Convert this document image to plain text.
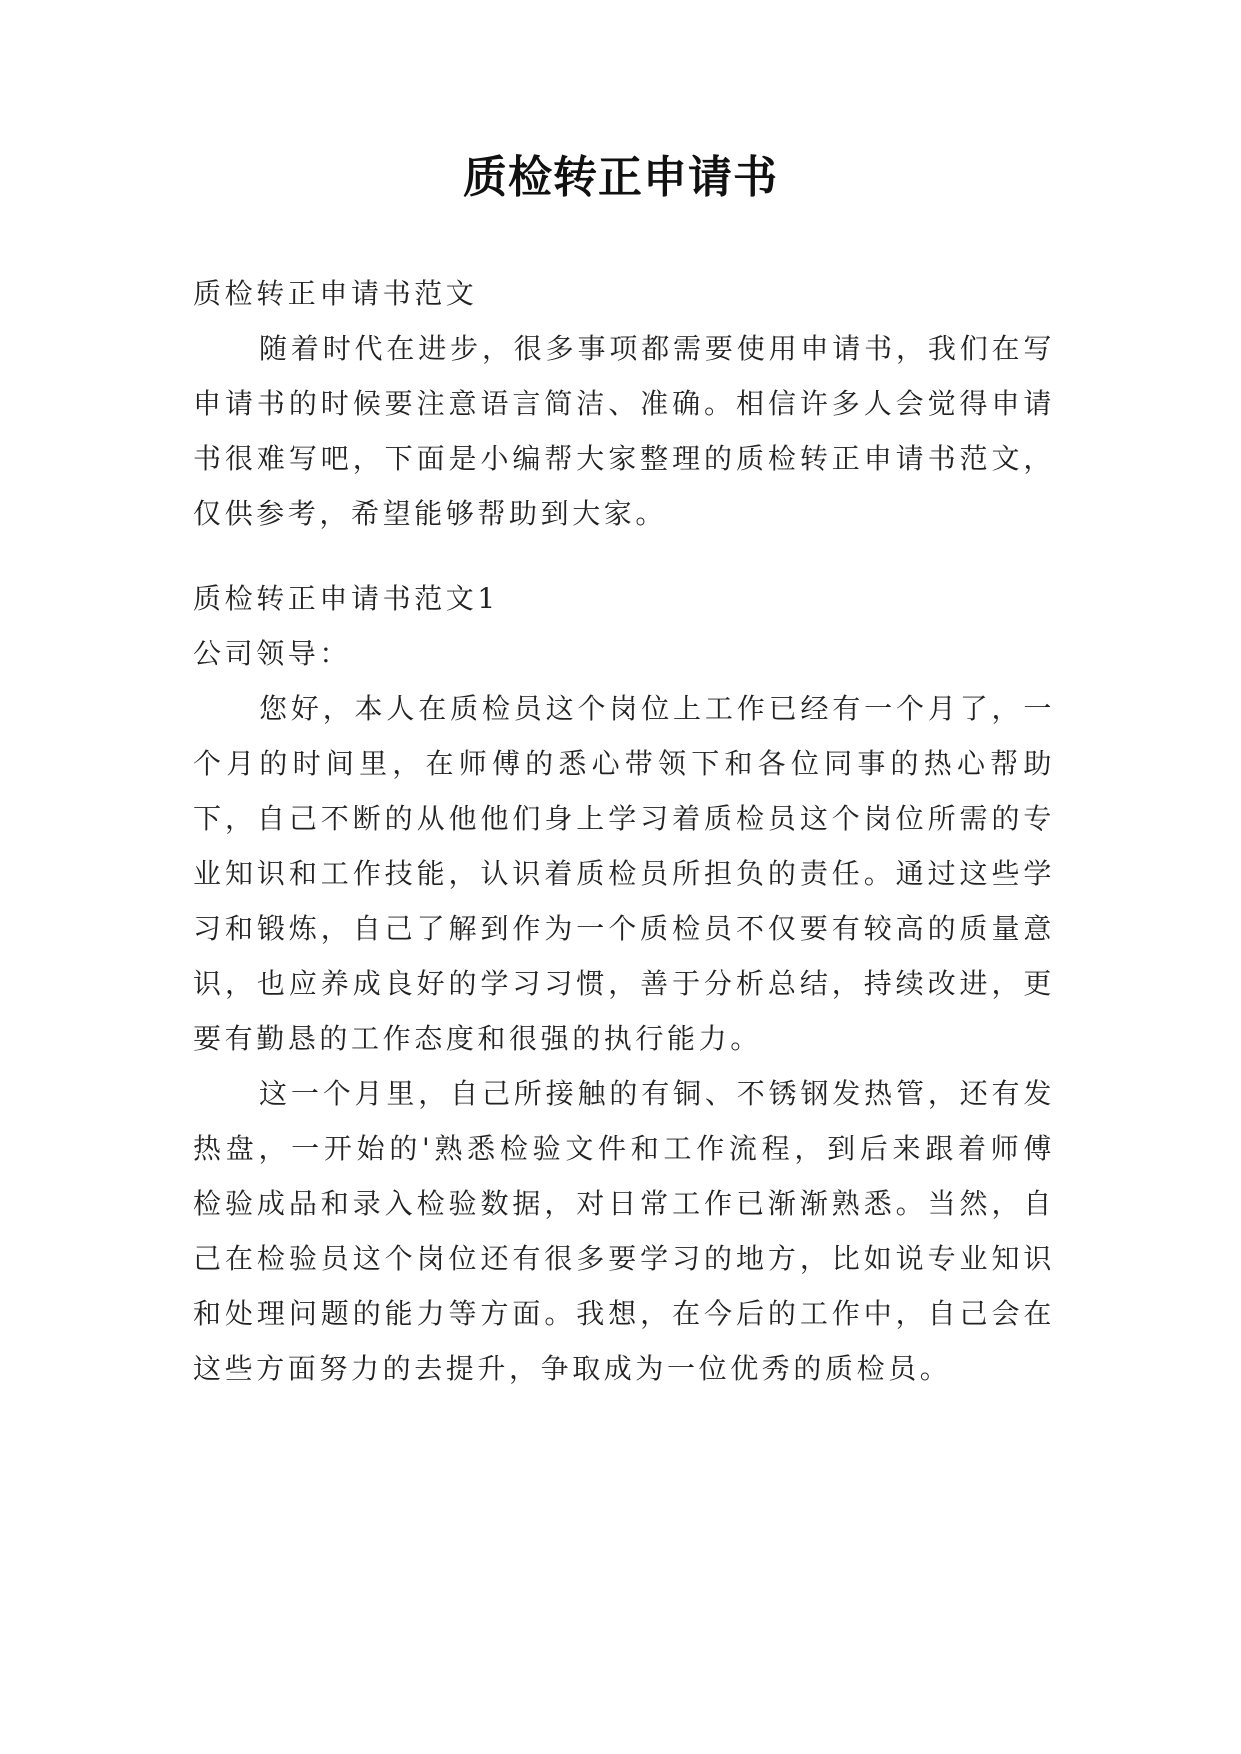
质检转正申请书

质检转正申请书范文

随着时代在进步，很多事项都需要使用申请书，我们在写申请书的时候要注意语言简洁、准确。相信许多人会觉得申请书很难写吧，下面是小编帮大家整理的质检转正申请书范文，仅供参考，希望能够帮助到大家。

质检转正申请书范文1

公司领导：

您好，本人在质检员这个岗位上工作已经有一个月了，一个月的时间里，在师傅的悉心带领下和各位同事的热心帮助下，自己不断的从他他们身上学习着质检员这个岗位所需的专业知识和工作技能，认识着质检员所担负的责任。通过这些学习和锻炼，自己了解到作为一个质检员不仅要有较高的质量意识，也应养成良好的学习习惯，善于分析总结，持续改进，更要有勤恳的工作态度和很强的执行能力。

这一个月里，自己所接触的有铜、不锈钢发热管，还有发热盘，一开始的'熟悉检验文件和工作流程，到后来跟着师傅检验成品和录入检验数据，对日常工作已渐渐熟悉。当然，自己在检验员这个岗位还有很多要学习的地方，比如说专业知识和处理问题的能力等方面。我想，在今后的工作中，自己会在这些方面努力的去提升，争取成为一位优秀的质检员。
